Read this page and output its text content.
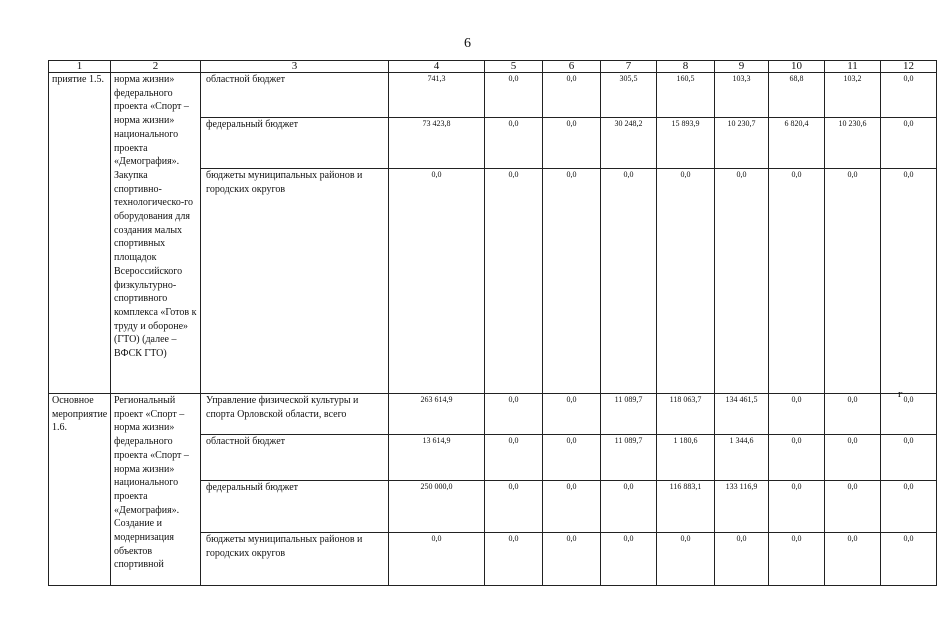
6
1	2	3	4	5	6	7	8	9	10	11	12
приятие 1.5.	норма жизни» федерального проекта «Спорт – норма жизни» национального проекта «Демография». Закупка спортивно-технологическо-го оборудования для создания малых спортивных площадок Всероссийского физкультурно-спортивного комплекса «Готов к труду и обороне» (ГТО) (далее – ВФСК ГТО)	областной бюджет	741,3	0,0	0,0	305,5	160,5	103,3	68,8	103,2	0,0
		федеральный бюджет	73 423,8	0,0	0,0	30 248,2	15 893,9	10 230,7	6 820,4	10 230,6	0,0
		бюджеты муниципальных районов и городских округов	0,0	0,0	0,0	0,0	0,0	0,0	0,0	0,0	0,0
Основное мероприятие 1.6.	Региональный проект «Спорт – норма жизни» федерального проекта «Спорт – норма жизни» национального проекта «Демография». Создание и модернизация объектов спортивной	Управление физической культуры и спорта Орловской области, всего	263 614,9	0,0	0,0	11 089,7	118 063,7	134 461,5	0,0	0,0	0,0
		областной бюджет	13 614,9	0,0	0,0	11 089,7	1 180,6	1 344,6	0,0	0,0	0,0
		федеральный бюджет	250 000,0	0,0	0,0	0,0	116 883,1	133 116,9	0,0	0,0	0,0
		бюджеты муниципальных районов и городских округов	0,0	0,0	0,0	0,0	0,0	0,0	0,0	0,0	0,0
г
